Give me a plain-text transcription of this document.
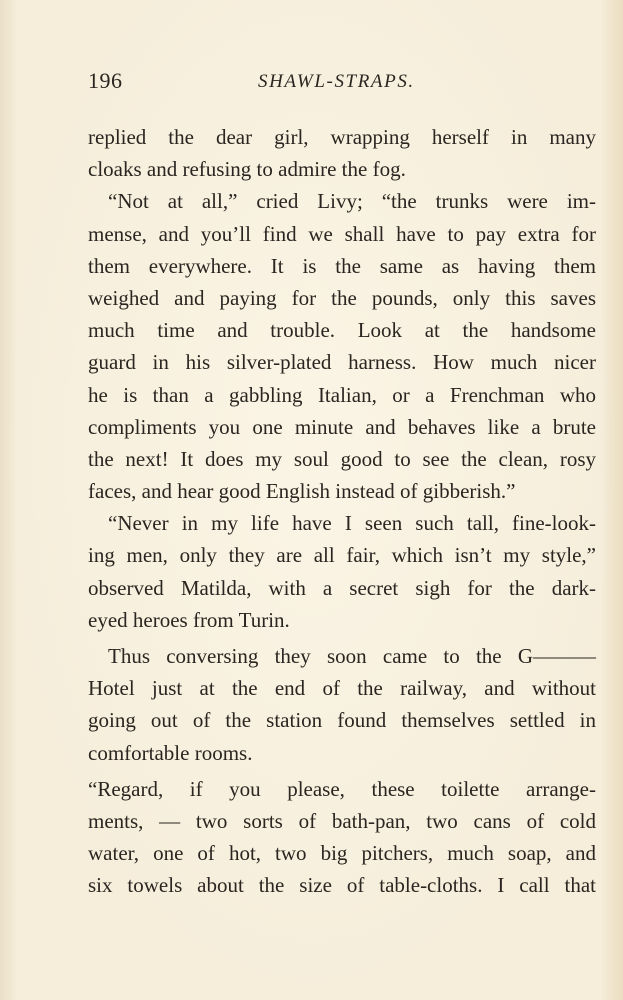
196	SHAWL-STRAPS.
replied the dear girl, wrapping herself in many
cloaks and refusing to admire the fog.
“Not at all,” cried Livy; “the trunks were im-
mense, and you’ll find we shall have to pay extra for
them everywhere. It is the same as having them
weighed and paying for the pounds, only this saves
much time and trouble. Look at the handsome
guard in his silver-plated harness. How much nicer
he is than a gabbling Italian, or a Frenchman who
compliments you one minute and behaves like a brute
the next! It does my soul good to see the clean, rosy
faces, and hear good English instead of gibberish.”
“Never in my life have I seen such tall, fine-look-
ing men, only they are all fair, which isn’t my style,”
observed Matilda, with a secret sigh for the dark-
eyed heroes from Turin.
Thus conversing they soon came to the G———
Hotel just at the end of the railway, and without
going out of the station found themselves settled in
comfortable rooms.
“Regard, if you please, these toilette arrange-
ments, — two sorts of bath-pan, two cans of cold
water, one of hot, two big pitchers, much soap, and
six towels about the size of table-cloths. I call that
